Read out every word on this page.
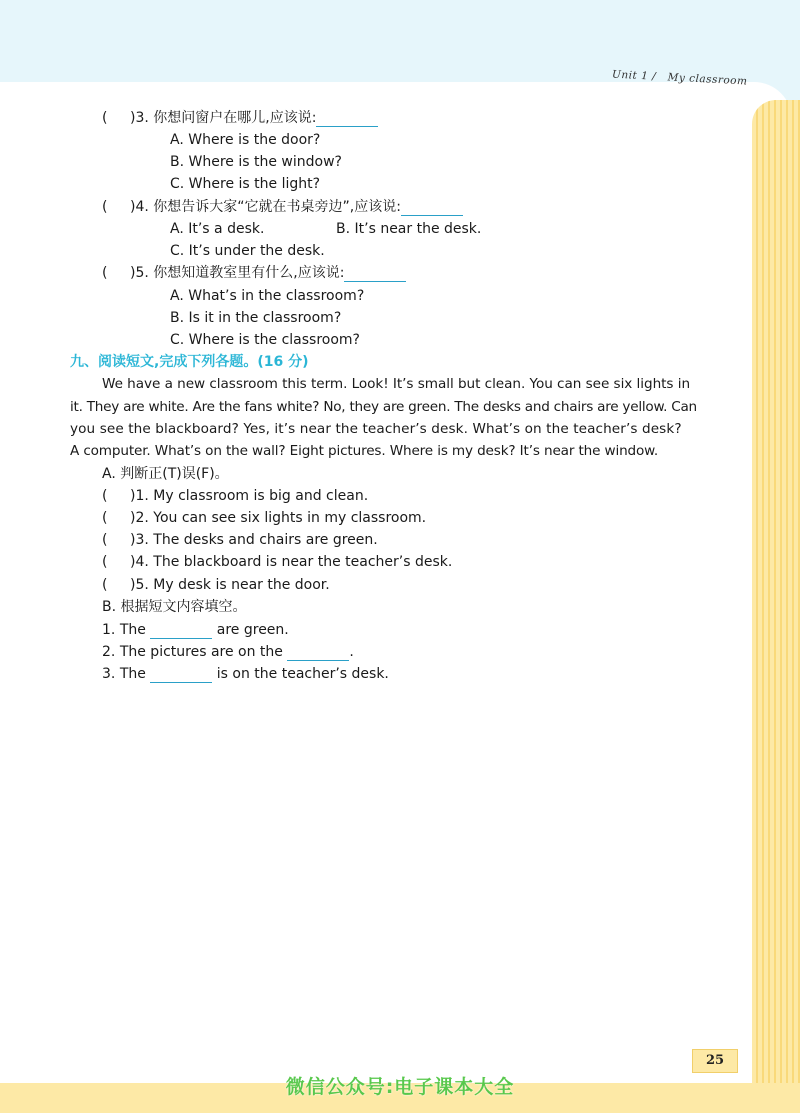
Unit 1 / My classroom
( )3. 你想问窗户在哪儿,应该说:
A. Where is the door?
B. Where is the window?
C. Where is the light?
( )4. 你想告诉大家“它就在书桌旁边”,应该说:
A. It’s a desk.	B. It’s near the desk.
C. It’s under the desk.
( )5. 你想知道教室里有什么,应该说:
A. What’s in the classroom?
B. Is it in the classroom?
C. Where is the classroom?
九、阅读短文,完成下列各题。(16 分)
We have a new classroom this term. Look! It’s small but clean. You can see six lights in
it. They are white. Are the fans white? No, they are green. The desks and chairs are yellow. Can
you see the blackboard? Yes, it’s near the teacher’s desk. What’s on the teacher’s desk?
A computer. What’s on the wall? Eight pictures. Where is my desk? It’s near the window.
A. 判断正(T)误(F)。
( )1. My classroom is big and clean.
( )2. You can see six lights in my classroom.
( )3. The desks and chairs are green.
( )4. The blackboard is near the teacher’s desk.
( )5. My desk is near the door.
B. 根据短文内容填空。
1. The	are green.
2. The pictures are on the	.
3. The	is on the teacher’s desk.
25
微信公众号:电子课本大全
